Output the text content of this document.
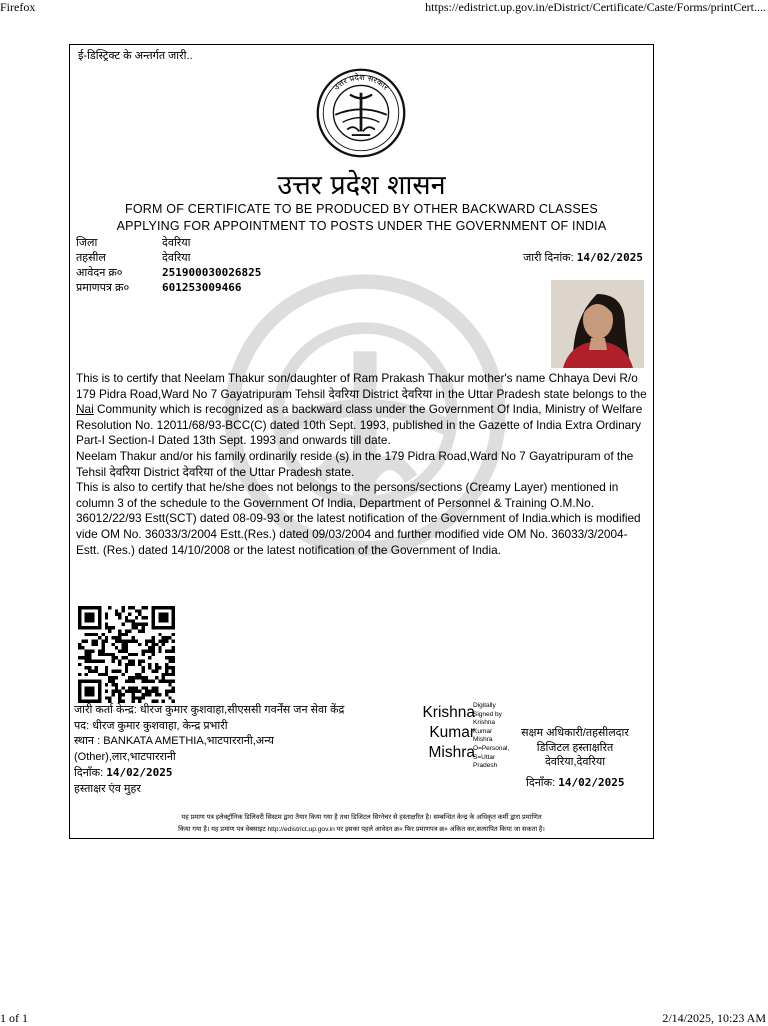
Firefox	https://edistrict.up.gov.in/eDistrict/Certificate/Caste/Forms/printCert....
ई-डिस्ट्रिक्ट के अन्तर्गत जारी..
उत्तर प्रदेश सरकार
उत्तर प्रदेश शासन
FORM OF CERTIFICATE TO BE PRODUCED BY OTHER BACKWARD CLASSES
APPLYING FOR APPOINTMENT TO POSTS UNDER THE GOVERNMENT OF INDIA
जिला	देवरिया
तहसील	देवरिया
आवेदन क्र०	251900030026825
प्रमाणपत्र क्र०	601253009466
जारी दिनांक: 14/02/2025

This is to certify that Neelam Thakur son/daughter of Ram Prakash Thakur mother's name Chhaya Devi R/o 179 Pidra Road,Ward No 7 Gayatripuram Tehsil देवरिया District देवरिया in the Uttar Pradesh state belongs to the Nai Community which is recognized as a backward class under the Government Of India, Ministry of Welfare Resolution No. 12011/68/93-BCC(C) dated 10th Sept. 1993, published in the Gazette of India Extra Ordinary Part-I Section-I Dated 13th Sept. 1993 and onwards till date.

Neelam Thakur and/or his family ordinarily reside (s) in the 179 Pidra Road,Ward No 7 Gayatripuram of the Tehsil देवरिया District देवरिया of the Uttar Pradesh state.

This is also to certify that he/she does not belongs to the persons/sections (Creamy Layer) mentioned in column 3 of the schedule to the Government Of India, Department of Personnel & Training O.M.No. 36012/22/93 Estt(SCT) dated 08-09-93 or the latest notification of the Government of India.which is modified vide OM No. 36033/3/2004 Estt.(Res.) dated 09/03/2004 and further modified vide OM No. 36033/3/2004-Estt. (Res.) dated 14/10/2008 or the latest notification of the Government of India.

जारी कर्ता केन्द्र: धीरज कुमार कुशवाहा,सीएससी गवर्नेंस जन सेवा केंद्र
पद: धीरज कुमार कुशवाहा, केन्द्र प्रभारी
स्थान : BANKATA AMETHIA,भाटपाररानी,अन्य
(Other),लार,भाटपाररानी
दिनाँक: 14/02/2025
हस्ताक्षर एंव मुहर
Krishna
Kumar
Mishra
Digitally
Signed by
Krishna
Kumar
Mishra
O=Personal,
S=Uttar
Pradesh
सक्षम अधिकारी/तहसीलदार
डिजिटल हस्ताक्षरित
देवरिया,देवरिया
दिनाँक: 14/02/2025
यह प्रमाण पत्र इलेक्ट्रॉनिक डिलिवरी सिस्टम द्वारा तैयार किया गया है तथा डिजिटल सिग्नेचर से हस्ताक्षरित है। सम्बन्धित केन्द्र के अधिकृत कर्मी द्वारा प्रमाणित
किया गया है। यह प्रमाण पत्र वेबसाइट http://edistrict.up.gov.in पर इसका पहले आवेदन क्र० फिर प्रमाणपत्र क्र० अंकित कर,सत्यापित किया जा सकता है।
1 of 1	2/14/2025, 10:23 AM
